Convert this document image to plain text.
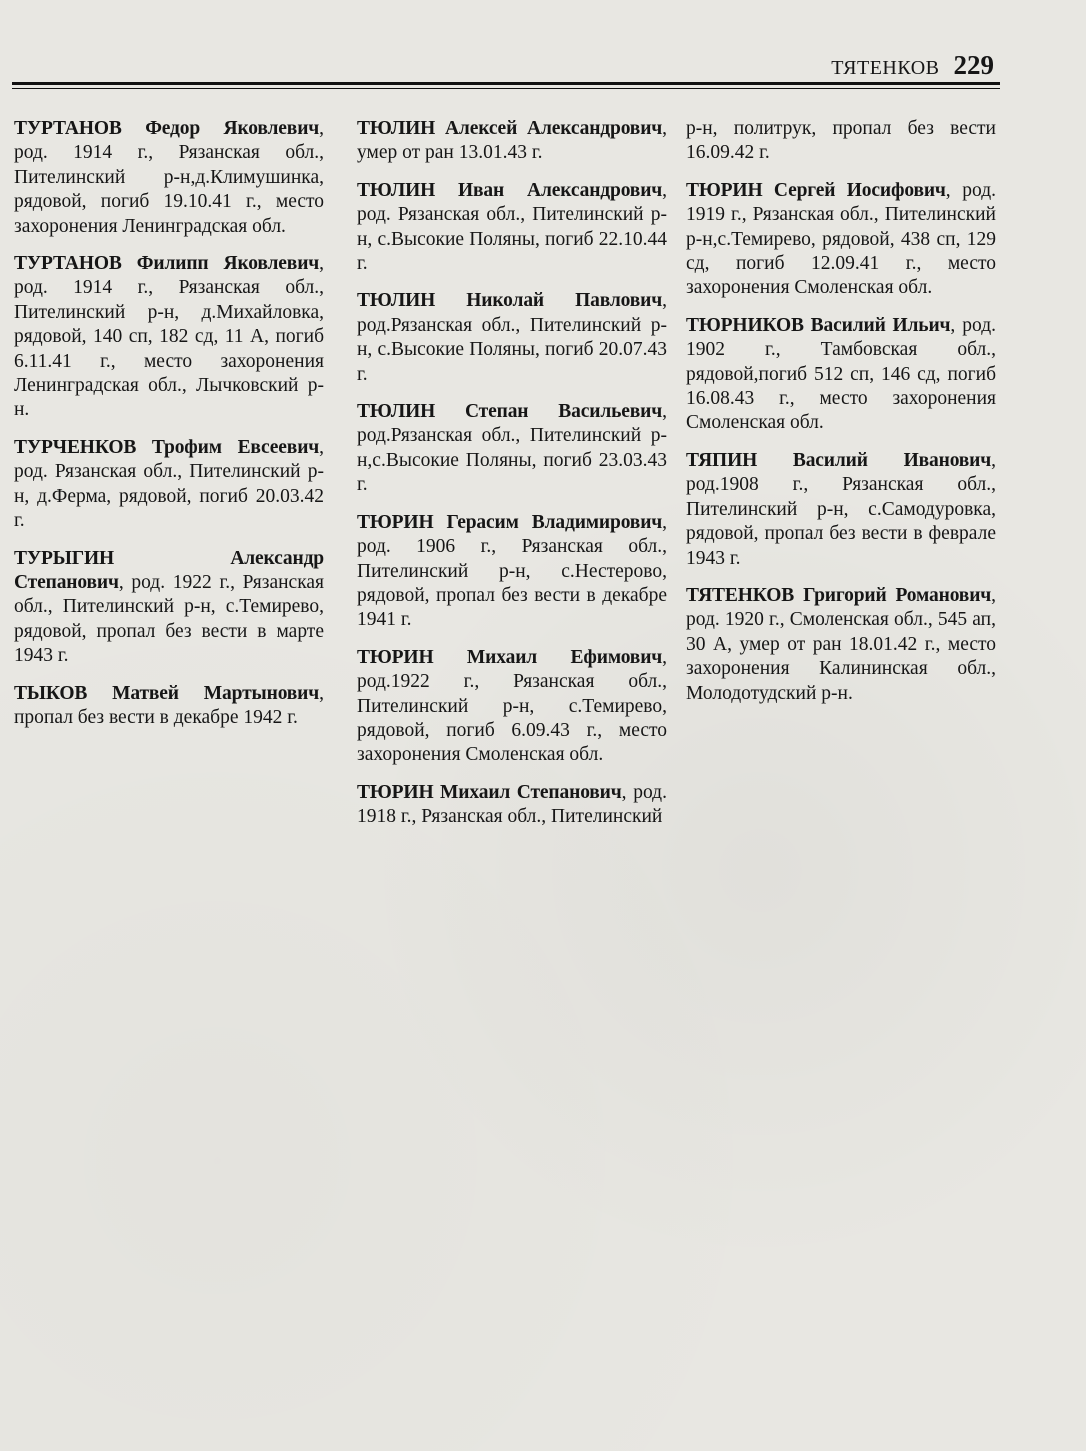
ТЯТЕНКОВ 229

ТУРТАНОВ Федор Яковлевич, род. 1914 г., Рязанская обл., Пителинский р-н,д.Климушинка, рядовой, погиб 19.10.41 г., место захоронения Ленинградская обл.

ТУРТАНОВ Филипп Яковлевич, род. 1914 г., Рязанская обл., Пителинский р-н, д.Михайловка, рядовой, 140 сп, 182 сд, 11 А, погиб 6.11.41 г., место захоронения Ленинградская обл., Лычковский р-н.

ТУРЧЕНКОВ Трофим Евсеевич, род. Рязанская обл., Пителинский р-н, д.Ферма, рядовой, погиб 20.03.42 г.

ТУРЫГИН Александр Степанович, род. 1922 г., Рязанская обл., Пителинский р-н, с.Темирево, рядовой, пропал без вести в марте 1943 г.

ТЫКОВ Матвей Мартынович, пропал без вести в декабре 1942 г.

ТЮЛИН Алексей Александрович, умер от ран 13.01.43 г.

ТЮЛИН Иван Александрович, род. Рязанская обл., Пителинский р-н, с.Высокие Поляны, погиб 22.10.44 г.

ТЮЛИН Николай Павлович, род.Рязанская обл., Пителинский р-н, с.Высокие Поляны, погиб 20.07.43 г.

ТЮЛИН Степан Васильевич, род.Рязанская обл., Пителинский р-н,с.Высокие Поляны, погиб 23.03.43 г.

ТЮРИН Герасим Владимирович, род. 1906 г., Рязанская обл., Пителинский р-н, с.Нестерово, рядовой, пропал без вести в декабре 1941 г.

ТЮРИН Михаил Ефимович, род.1922 г., Рязанская обл., Пителинский р-н, с.Темирево, рядовой, погиб 6.09.43 г., место захоронения Смоленская обл.

ТЮРИН Михаил Степанович, род. 1918 г., Рязанская обл., Пителинский

р-н, политрук, пропал без вести 16.09.42 г.

ТЮРИН Сергей Иосифович, род. 1919 г., Рязанская обл., Пителинский р-н,с.Темирево, рядовой, 438 сп, 129 сд, погиб 12.09.41 г., место захоронения Смоленская обл.

ТЮРНИКОВ Василий Ильич, род. 1902 г., Тамбовская обл., рядовой,погиб 512 сп, 146 сд, погиб 16.08.43 г., место захоронения Смоленская обл.

ТЯПИН Василий Иванович, род.1908 г., Рязанская обл., Пителинский р-н, с.Самодуровка, рядовой, пропал без вести в феврале 1943 г.

ТЯТЕНКОВ Григорий Романович, род. 1920 г., Смоленская обл., 545 ап, 30 А, умер от ран 18.01.42 г., место захоронения Калининская обл., Молодотудский р-н.
